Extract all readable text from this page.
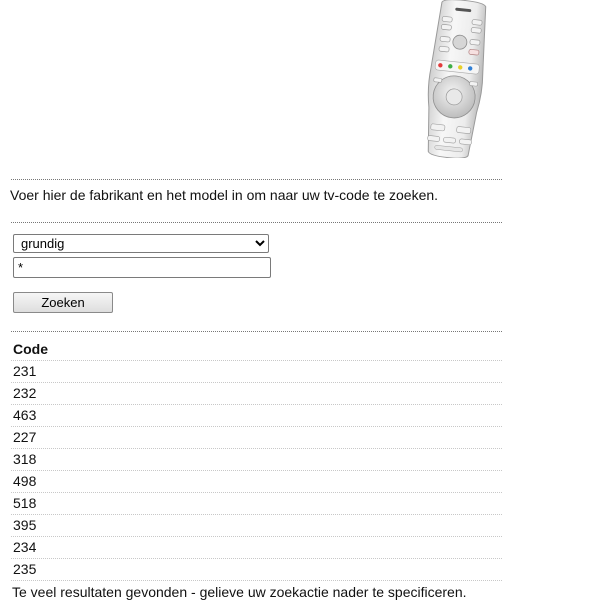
Voer hier de fabrikant en het model in om naar uw tv-code te zoeken.
grundig
*
Zoeken
Code
231
232
463
227
318
498
518
395
234
235
Te veel resultaten gevonden - gelieve uw zoekactie nader te specificeren.
